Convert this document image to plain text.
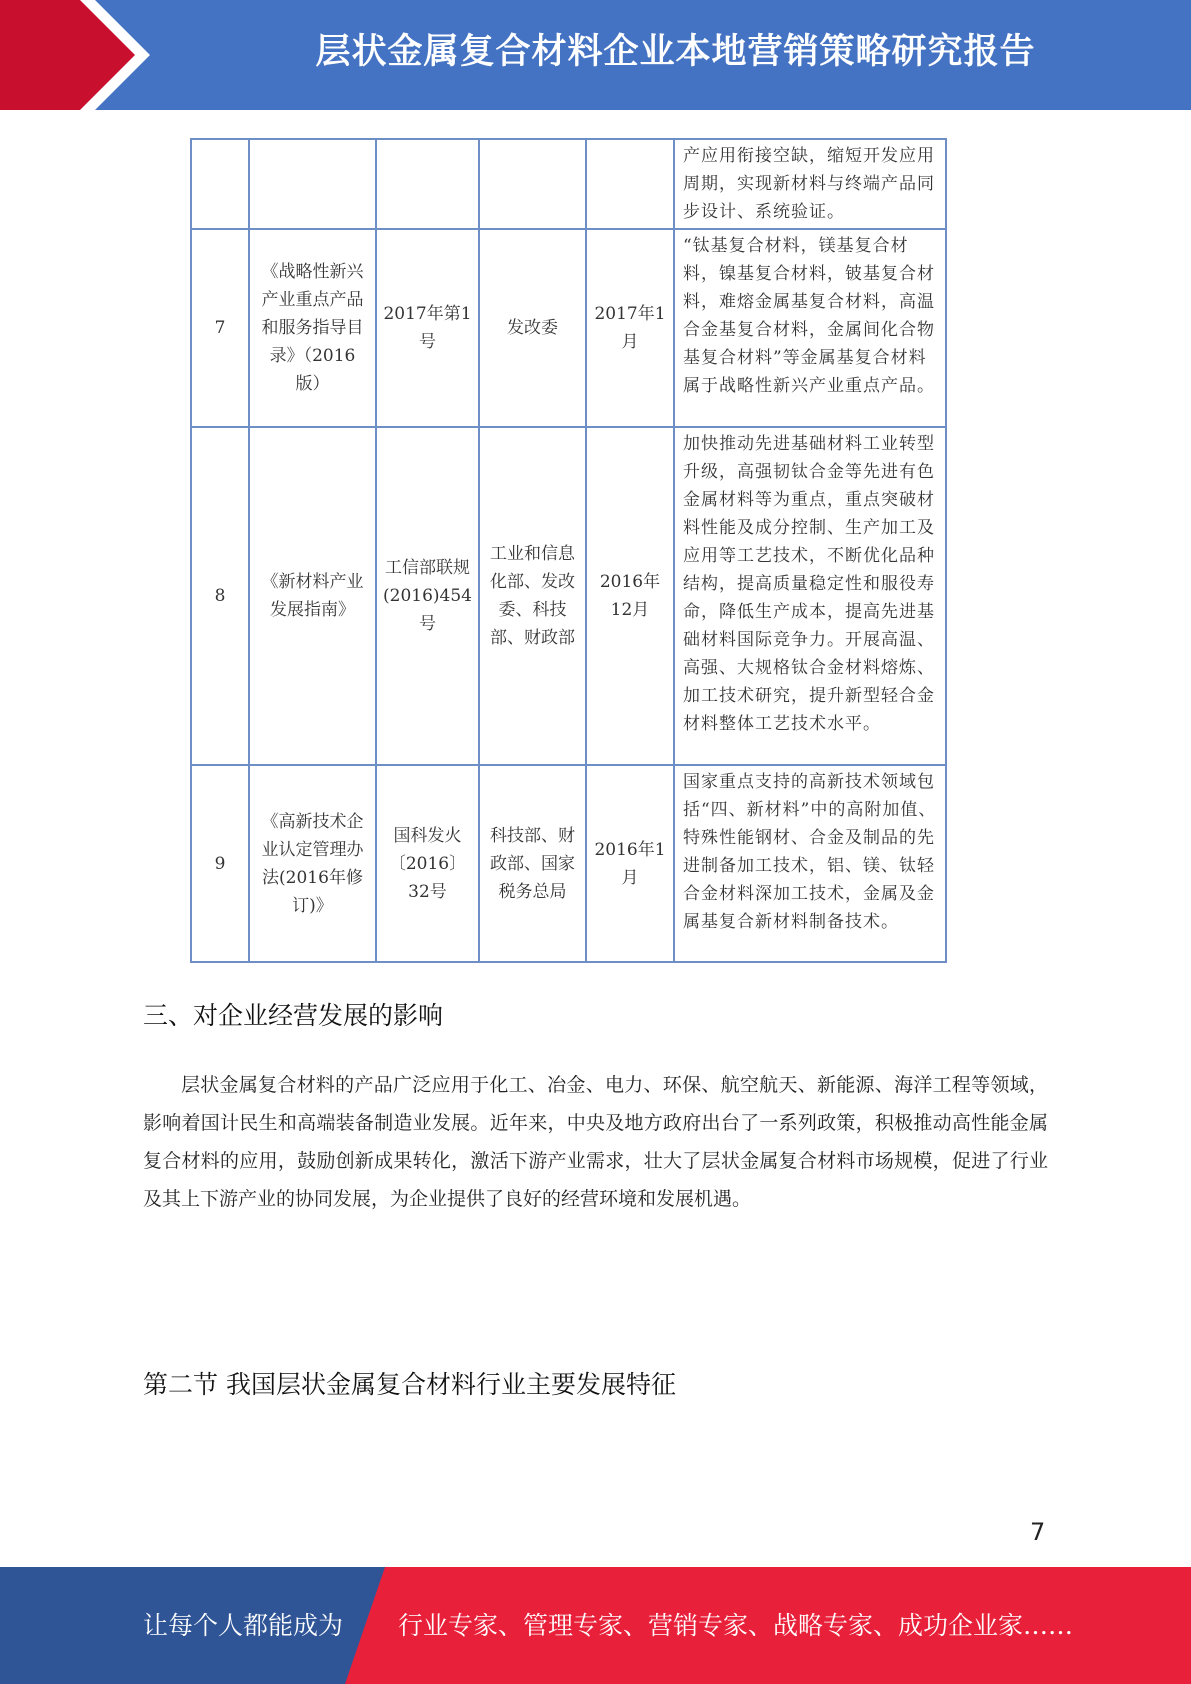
层状金属复合材料企业本地营销策略研究报告
					产应用衔接空缺，缩短开发应用周期，实现新材料与终端产品同步设计、系统验证。
7	《战略性新兴产业重点产品和服务指导目录》（2016版）	2017年第1号	发改委	2017年1月	“钛基复合材料，镁基复合材料，镍基复合材料，铍基复合材料，难熔金属基复合材料，高温合金基复合材料，金属间化合物基复合材料”等金属基复合材料属于战略性新兴产业重点产品。
8	《新材料产业发展指南》	工信部联规(2016)454号	工业和信息化部、发改委、科技部、财政部	2016年12月	加快推动先进基础材料工业转型升级，高强韧钛合金等先进有色金属材料等为重点，重点突破材料性能及成分控制、生产加工及应用等工艺技术，不断优化品种结构，提高质量稳定性和服役寿命，降低生产成本，提高先进基础材料国际竞争力。开展高温、高强、大规格钛合金材料熔炼、加工技术研究，提升新型轻合金材料整体工艺技术水平。
9	《高新技术企业认定管理办法(2016年修订)》	国科发火〔2016〕32号	科技部、财政部、国家税务总局	2016年1月	国家重点支持的高新技术领域包括“四、新材料”中的高附加值、特殊性能钢材、合金及制品的先进制备加工技术，铝、镁、钛轻合金材料深加工技术，金属及金属基复合新材料制备技术。
三、对企业经营发展的影响

层状金属复合材料的产品广泛应用于化工、冶金、电力、环保、航空航天、新能源、海洋工程等领域，影响着国计民生和高端装备制造业发展。近年来，中央及地方政府出台了一系列政策，积极推动高性能金属复合材料的应用，鼓励创新成果转化，激活下游产业需求，壮大了层状金属复合材料市场规模，促进了行业及其上下游产业的协同发展，为企业提供了良好的经营环境和发展机遇。

第二节 我国层状金属复合材料行业主要发展特征
7
让每个人都能成为 行业专家、管理专家、营销专家、战略专家、成功企业家……
